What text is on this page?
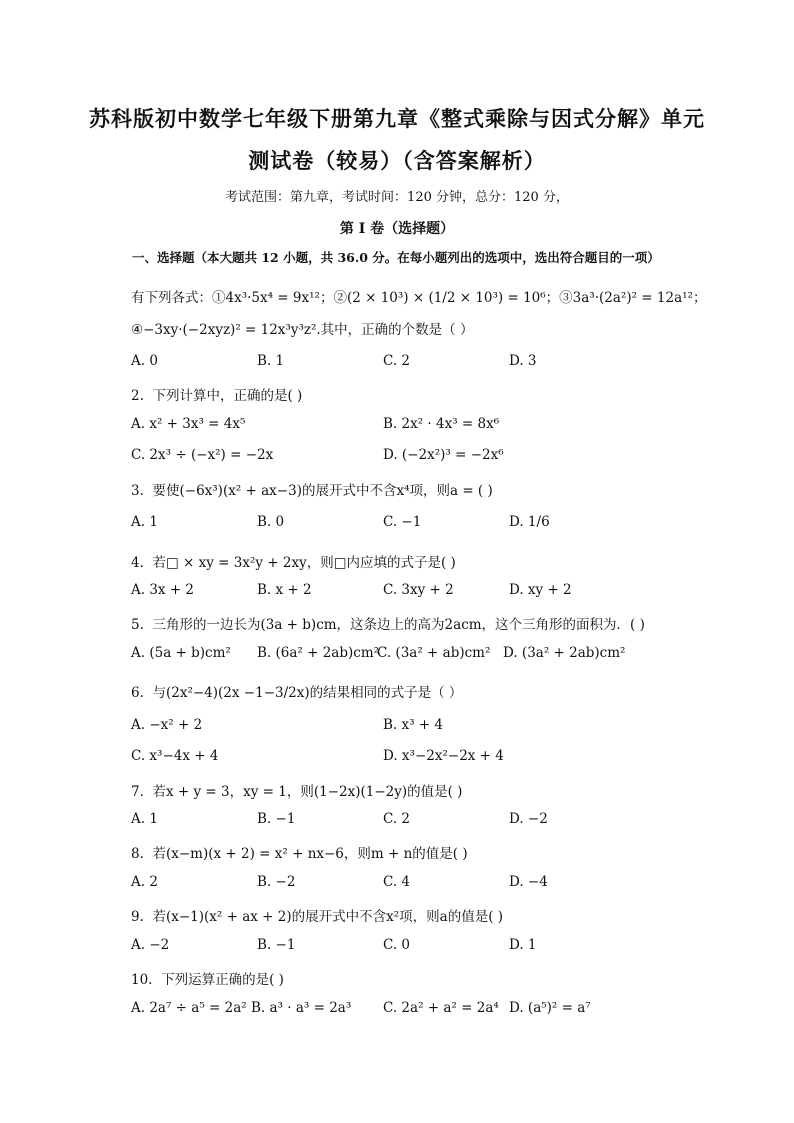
苏科版初中数学七年级下册第九章《整式乘除与因式分解》单元
测试卷（较易）（含答案解析）
考试范围：第九章，考试时间：120 分钟，总分：120 分，
第 I 卷（选择题）
一、选择题（本大题共 12 小题，共 36.0 分。在每小题列出的选项中，选出符合题目的一项）
有下列各式：①4x³·5x⁴ = 9x¹²；②(2 × 10³) × (1/2 × 10³) = 10⁶；③3a³·(2a²)² = 12a¹²；
④−3xy·(−2xyz)² = 12x³y³z².其中，正确的个数是（ ）
A. 0	B. 1	C. 2	D. 3
2. 下列计算中，正确的是( )
A. x² + 3x³ = 4x⁵	B. 2x² · 4x³ = 8x⁶
C. 2x³ ÷ (−x²) = −2x	D. (−2x²)³ = −2x⁶
3. 要使(−6x³)(x² + ax−3)的展开式中不含x⁴项，则a = ( )
A. 1	B. 0	C. −1	D. 1/6
4. 若□ × xy = 3x²y + 2xy，则□内应填的式子是( )
A. 3x + 2	B. x + 2	C. 3xy + 2	D. xy + 2
5. 三角形的一边长为(3a + b)cm，这条边上的高为2acm，这个三角形的面积为．( )
A. (5a + b)cm² B. (6a² + 2ab)cm²
C. (3a² + ab)cm² D. (3a² + 2ab)cm²
6. 与(2x²−4)(2x −1−3/2x)的结果相同的式子是（ ）
A. −x² + 2	B. x³ + 4
C. x³−4x + 4	D. x³−2x²−2x + 4
7. 若x + y = 3，xy = 1，则(1−2x)(1−2y)的值是( )
A. 1	B. −1	C. 2	D. −2
8. 若(x−m)(x + 2) = x² + nx−6，则m + n的值是( )
A. 2	B. −2	C. 4	D. −4
9. 若(x−1)(x² + ax + 2)的展开式中不含x²项，则a的值是( )
A. −2	B. −1	C. 0	D. 1
10. 下列运算正确的是( )
A. 2a⁷ ÷ a⁵ = 2a² B. a³ · a³ = 2a³ C. 2a² + a² = 2a⁴ D. (a⁵)² = a⁷
